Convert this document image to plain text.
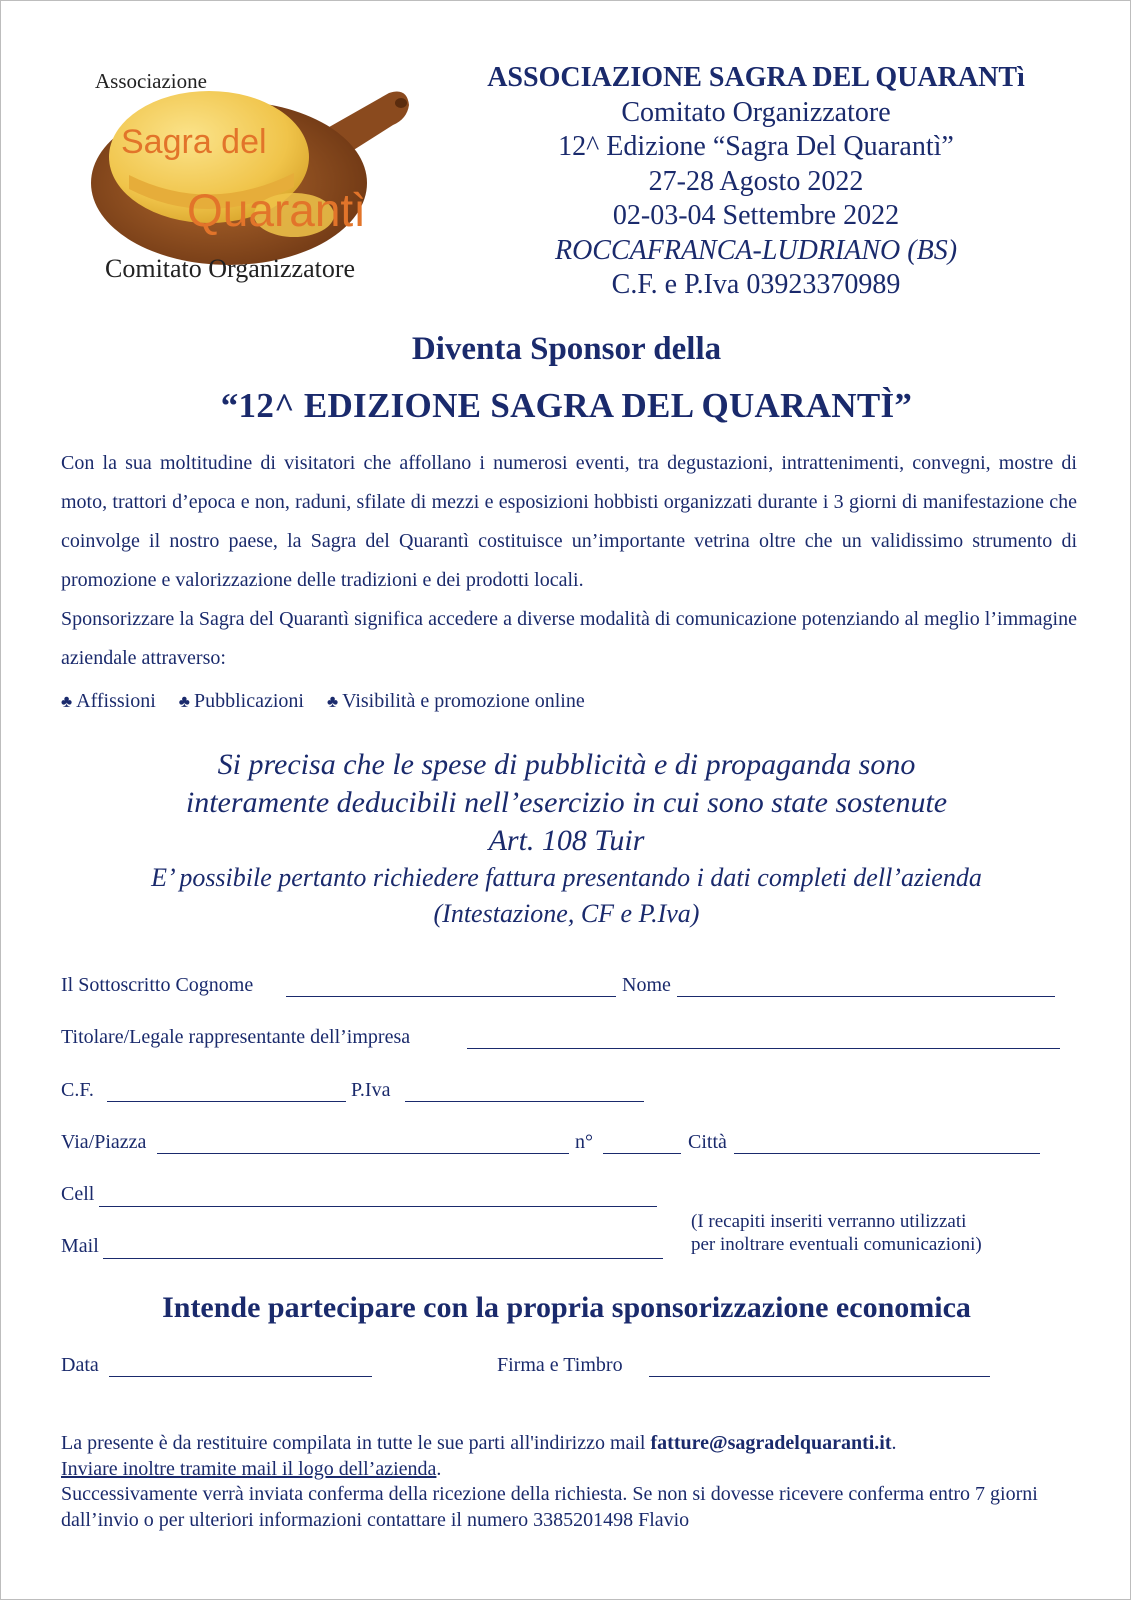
Associazione
Sagra del
Quarantì
Comitato Organizzatore
ASSOCIAZIONE SAGRA DEL QUARANTì
Comitato Organizzatore
12^ Edizione “Sagra Del Quarantì”
27-28 Agosto 2022
02-03-04 Settembre 2022
ROCCAFRANCA-LUDRIANO (BS)
C.F. e P.Iva 03923370989
Diventa Sponsor della
“12^ EDIZIONE SAGRA DEL QUARANTÌ”

Con la sua moltitudine di visitatori che affollano i numerosi eventi, tra degustazioni, intrattenimenti, convegni, mostre di moto, trattori d’epoca e non, raduni, sfilate di mezzi e esposizioni hobbisti organizzati durante i 3 giorni di manifestazione che coinvolge il nostro paese, la Sagra del Quarantì costituisce un’importante vetrina oltre che un validissimo strumento di promozione e valorizzazione delle tradizioni e dei prodotti locali.

Sponsorizzare la Sagra del Quarantì significa accedere a diverse modalità di comunicazione potenziando al meglio l’immagine aziendale attraverso:

♣ Affissioni ♣ Pubblicazioni ♣ Visibilità e promozione online
Si precisa che le spese di pubblicità e di propaganda sono
interamente deducibili nell’esercizio in cui sono state sostenute
Art. 108 Tuir
E’ possibile pertanto richiedere fattura presentando i dati completi dell’azienda
(Intestazione, CF e P.Iva)
Il Sottoscritto Cognome	Nome
Titolare/Legale rappresentante dell’impresa
C.F.	P.Iva
Via/Piazza	n°	Città
Cell
Mail
(I recapiti inseriti verranno utilizzati
per inoltrare eventuali comunicazioni)
Intende partecipare con la propria sponsorizzazione economica
Data	Firma e Timbro

La presente è da restituire compilata in tutte le sue parti all'indirizzo mail fatture@sagradelquaranti.it.

Inviare inoltre tramite mail il logo dell’azienda.

Successivamente verrà inviata conferma della ricezione della richiesta. Se non si dovesse ricevere conferma entro 7 giorni dall’invio o per ulteriori informazioni contattare il numero 3385201498 Flavio
